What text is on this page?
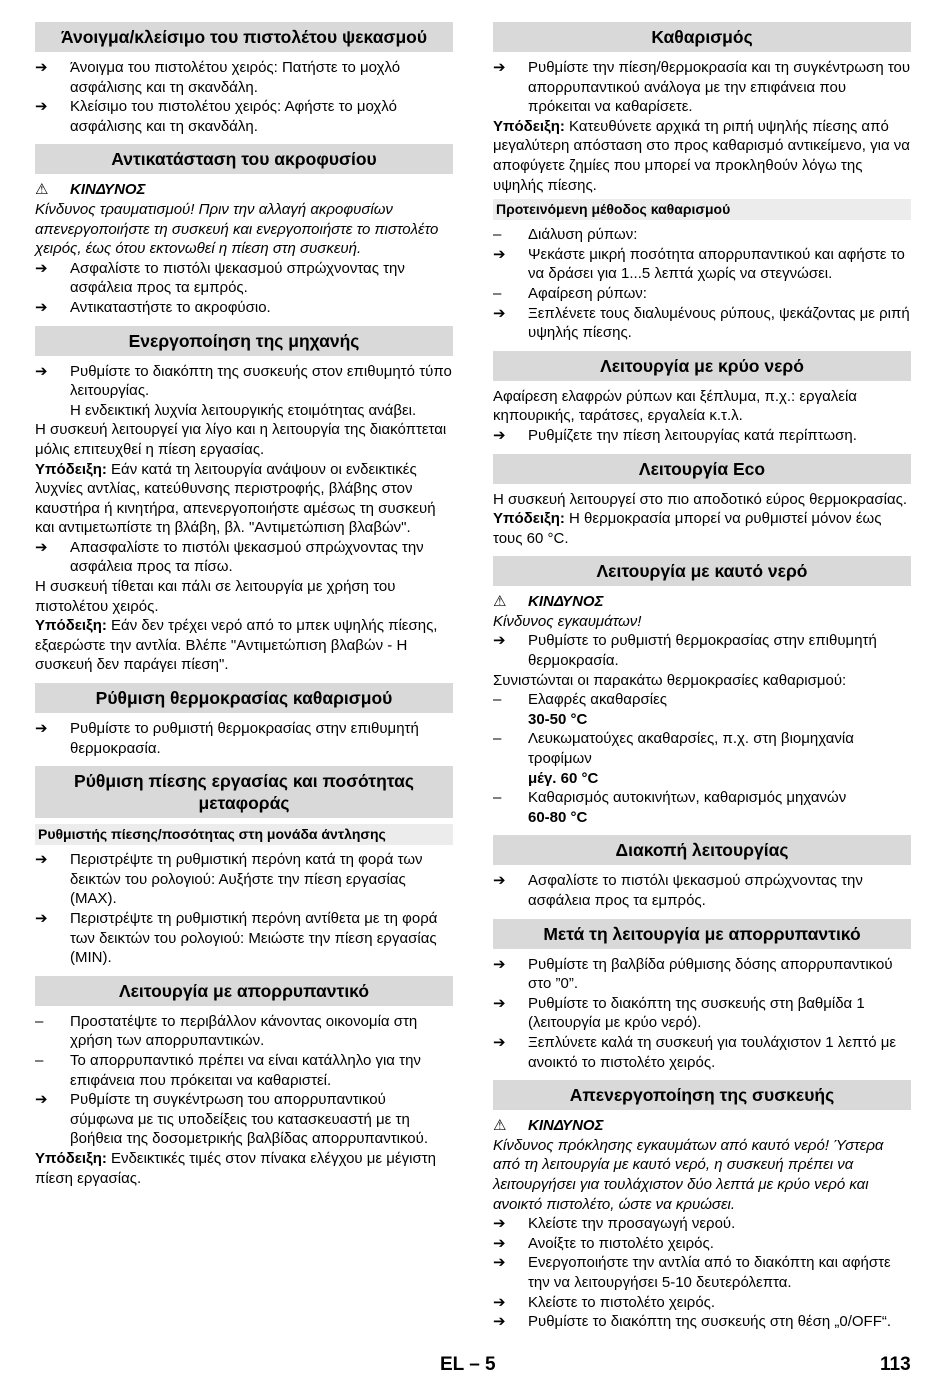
Άνοιγμα/κλείσιμο του πιστολέτου ψεκασμού
➔	Άνοιγμα του πιστολέτου χειρός: Πατήστε το μοχλό ασφάλισης και τη σκανδάλη.
➔	Κλείσιμο του πιστολέτου χειρός: Αφήστε το μοχλό ασφάλισης και τη σκανδάλη.
Αντικατάσταση του ακροφυσίου
⚠	ΚΙΝΔΥΝΟΣ

Κίνδυνος τραυματισμού! Πριν την αλλαγή ακροφυσίων απενεργοποιήστε τη συσκευή και ενεργοποιήστε το πιστολέτο χειρός, έως ότου εκτονωθεί η πίεση στη συσκευή.

➔	Ασφαλίστε το πιστόλι ψεκασμού σπρώχνοντας την ασφάλεια προς τα εμπρός.
➔	Αντικαταστήστε το ακροφύσιο.
Ενεργοποίηση της μηχανής
➔	Ρυθμίστε το διακόπτη της συσκευής στον επιθυμητό τύπο λειτουργίας.

Η ενδεικτική λυχνία λειτουργικής ετοιμότητας ανάβει.

Η συσκευή λειτουργεί για λίγο και η λειτουργία της διακόπτεται μόλις επιτευχθεί η πίεση εργασίας.

Υπόδειξη: Εάν κατά τη λειτουργία ανάψουν οι ενδεικτικές λυχνίες αντλίας, κατεύθυνσης περιστροφής, βλάβης στον καυστήρα ή κινητήρα, απενεργοποιήστε αμέσως τη συσκευή και αντιμετωπίστε τη βλάβη, βλ. "Αντιμετώπιση βλαβών".

➔	Απασφαλίστε το πιστόλι ψεκασμού σπρώχνοντας την ασφάλεια προς τα πίσω.

Η συσκευή τίθεται και πάλι σε λειτουργία με χρήση του πιστολέτου χειρός.

Υπόδειξη: Εάν δεν τρέχει νερό από το μπεκ υψηλής πίεσης, εξαερώστε την αντλία. Βλέπε "Αντιμετώπιση βλαβών - Η συσκευή δεν παράγει πίεση".

Ρύθμιση θερμοκρασίας καθαρισμού
➔	Ρυθμίστε το ρυθμιστή θερμοκρασίας στην επιθυμητή θερμοκρασία.
Ρύθμιση πίεσης εργασίας και ποσότητας μεταφοράς
Ρυθμιστής πίεσης/ποσότητας στη μονάδα άντλησης
➔	Περιστρέψτε τη ρυθμιστική περόνη κατά τη φορά των δεικτών του ρολογιού: Αυξήστε την πίεση εργασίας (MAX).
➔	Περιστρέψτε τη ρυθμιστική περόνη αντίθετα με τη φορά των δεικτών του ρολογιού: Μειώστε την πίεση εργασίας (MIN).
Λειτουργία με απορρυπαντικό
–	Προστατέψτε το περιβάλλον κάνοντας οικονομία στη χρήση των απορρυπαντικών.
–	Το απορρυπαντικό πρέπει να είναι κατάλληλο για την επιφάνεια που πρόκειται να καθαριστεί.
➔	Ρυθμίστε τη συγκέντρωση του απορρυπαντικού σύμφωνα με τις υποδείξεις του κατασκευαστή με τη βοήθεια της δοσομετρικής βαλβίδας απορρυπαντικού.

Υπόδειξη: Ενδεικτικές τιμές στον πίνακα ελέγχου με μέγιστη πίεση εργασίας.

Καθαρισμός
➔	Ρυθμίστε την πίεση/θερμοκρασία και τη συγκέντρωση του απορρυπαντικού ανάλογα με την επιφάνεια που πρόκειται να καθαρίσετε.

Υπόδειξη: Κατευθύνετε αρχικά τη ριπή υψηλής πίεσης από μεγαλύτερη απόσταση στο προς καθαρισμό αντικείμενο, για να αποφύγετε ζημίες που μπορεί να προκληθούν λόγω της υψηλής πίεσης.

Προτεινόμενη μέθοδος καθαρισμού
–	Διάλυση ρύπων:
➔	Ψεκάστε μικρή ποσότητα απορρυπαντικού και αφήστε το να δράσει για 1...5 λεπτά χωρίς να στεγνώσει.
–	Αφαίρεση ρύπων:
➔	Ξεπλένετε τους διαλυμένους ρύπους, ψεκάζοντας με ριπή υψηλής πίεσης.
Λειτουργία με κρύο νερό

Αφαίρεση ελαφρών ρύπων και ξέπλυμα, π.χ.: εργαλεία κηπουρικής, ταράτσες, εργαλεία κ.τ.λ.

➔	Ρυθμίζετε την πίεση λειτουργίας κατά περίπτωση.
Λειτουργία Eco

Η συσκευή λειτουργεί στο πιο αποδοτικό εύρος θερμοκρασίας.

Υπόδειξη: Η θερμοκρασία μπορεί να ρυθμιστεί μόνον έως τους 60 °C.

Λειτουργία με καυτό νερό
⚠	ΚΙΝΔΥΝΟΣ

Κίνδυνος εγκαυμάτων!

➔	Ρυθμίστε το ρυθμιστή θερμοκρασίας στην επιθυμητή θερμοκρασία.

Συνιστώνται οι παρακάτω θερμοκρασίες καθαρισμού:

–	Ελαφρές ακαθαρσίες

30-50 °C

–	Λευκωματούχες ακαθαρσίες, π.χ. στη βιομηχανία τροφίμων

μέγ. 60 °C

–	Καθαρισμός αυτοκινήτων, καθαρισμός μηχανών

60-80 °C

Διακοπή λειτουργίας
➔	Ασφαλίστε το πιστόλι ψεκασμού σπρώχνοντας την ασφάλεια προς τα εμπρός.
Μετά τη λειτουργία με απορρυπαντικό
➔	Ρυθμίστε τη βαλβίδα ρύθμισης δόσης απορρυπαντικού στο ”0”.
➔	Ρυθμίστε το διακόπτη της συσκευής στη βαθμίδα 1 (λειτουργία με κρύο νερό).
➔	Ξεπλύνετε καλά τη συσκευή για τουλάχιστον 1 λεπτό με ανοικτό το πιστολέτο χειρός.
Απενεργοποίηση της συσκευής
⚠	ΚΙΝΔΥΝΟΣ

Κίνδυνος πρόκλησης εγκαυμάτων από καυτό νερό! Ύστερα από τη λειτουργία με καυτό νερό, η συσκευή πρέπει να λειτουργήσει για τουλάχιστον δύο λεπτά με κρύο νερό και ανοικτό πιστολέτο, ώστε να κρυώσει.

➔	Κλείστε την προσαγωγή νερού.
➔	Ανοίξτε το πιστολέτο χειρός.
➔	Ενεργοποιήστε την αντλία από το διακόπτη και αφήστε την να λειτουργήσει 5-10 δευτερόλεπτα.
➔	Κλείστε το πιστολέτο χειρός.
➔	Ρυθμίστε το διακόπτη της συσκευής στη θέση „0/OFF“.
EL – 5	113
